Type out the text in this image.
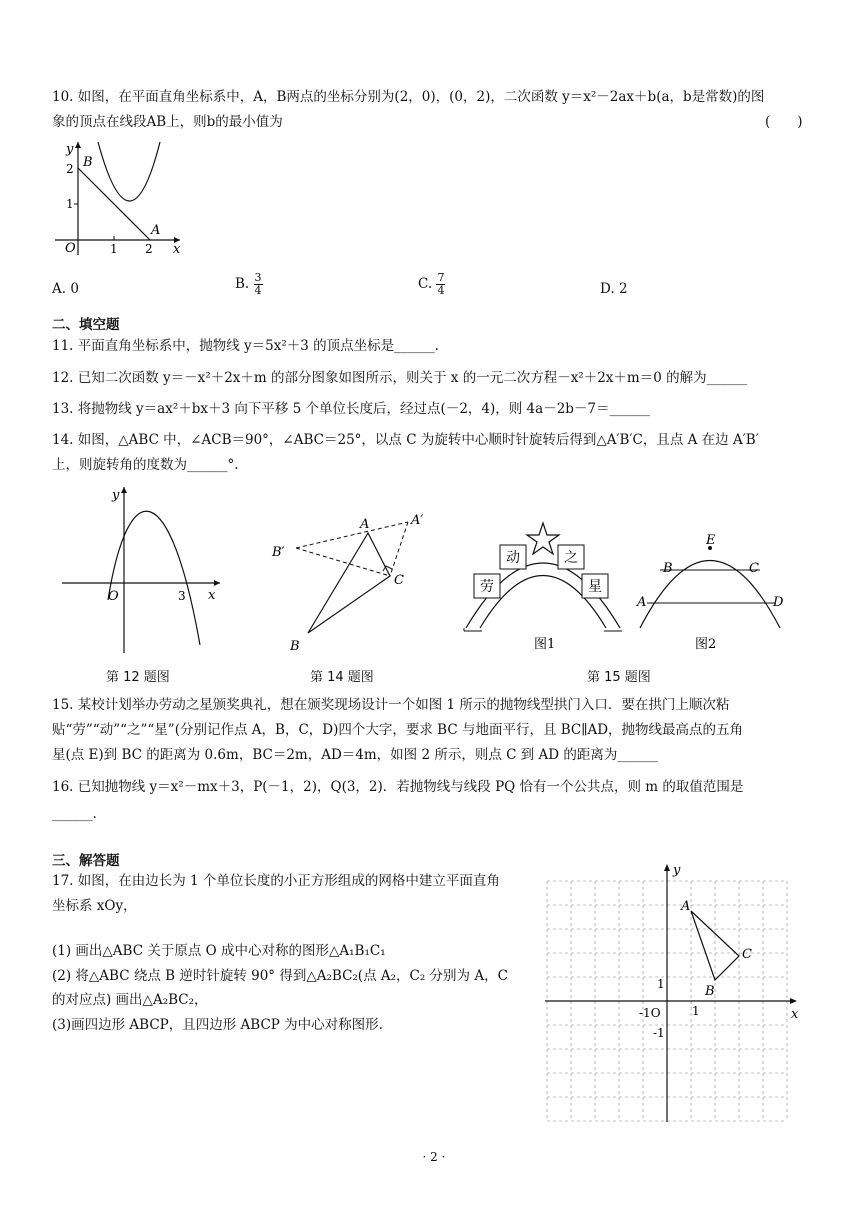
10. 如图，在平面直角坐标系中，A，B两点的坐标分别为(2，0)，(0，2)，二次函数 y＝x²－2ax＋b(a，b是常数)的图
象的顶点在线段AB上，则b的最小值为	(　　)
y
B
2
1
O	1 2
A
x
A. 0	B. $\frac{3}{4}$	C. $\frac{7}{4}$	D. 2
二、填空题
11. 平面直角坐标系中，抛物线 y＝5x²＋3 的顶点坐标是______.
12. 已知二次函数 y＝－x²＋2x＋m 的部分图象如图所示，则关于 x 的一元二次方程－x²＋2x＋m＝0 的解为______
13. 将抛物线 y＝ax²＋bx＋3 向下平移 5 个单位长度后，经过点(－2，4)，则 4a－2b－7＝______
14. 如图，△ABC 中，∠ACB＝90°，∠ABC＝25°，以点 C 为旋转中心顺时针旋转后得到△A′B′C，且点 A 在边 A′B′
上，则旋转角的度数为______°.
y
O	3 x
第 12 题图
A	A′
B′
C
B
第 14 题图
劳
动	之
星
图1
E
B	C
A	D
图2
第 15 题图
15. 某校计划举办劳动之星颁奖典礼，想在颁奖现场设计一个如图 1 所示的抛物线型拱门入口．要在拱门上顺次粘
贴“劳”“动”“之”“星”(分别记作点 A，B，C，D)四个大字，要求 BC 与地面平行，且 BC∥AD，抛物线最高点的五角
星(点 E)到 BC 的距离为 0.6m，BC＝2m，AD＝4m，如图 2 所示，则点 C 到 AD 的距离为______
16. 已知抛物线 y＝x²－mx＋3，P(－1，2)，Q(3，2)．若抛物线与线段 PQ 恰有一个公共点，则 m 的取值范围是
______.
三、解答题
17. 如图，在由边长为 1 个单位长度的小正方形组成的网格中建立平面直角
坐标系 xOy，
(1) 画出△ABC 关于原点 O 成中心对称的图形△A₁B₁C₁
(2) 将△ABC 绕点 B 逆时针旋转 90° 得到△A₂BC₂(点 A₂，C₂ 分别为 A，C
的对应点) 画出△A₂BC₂，
(3)画四边形 ABCP，且四边形 ABCP 为中心对称图形.
y
x
A
C
B
1
1
-1O
-1
· 2 ·
